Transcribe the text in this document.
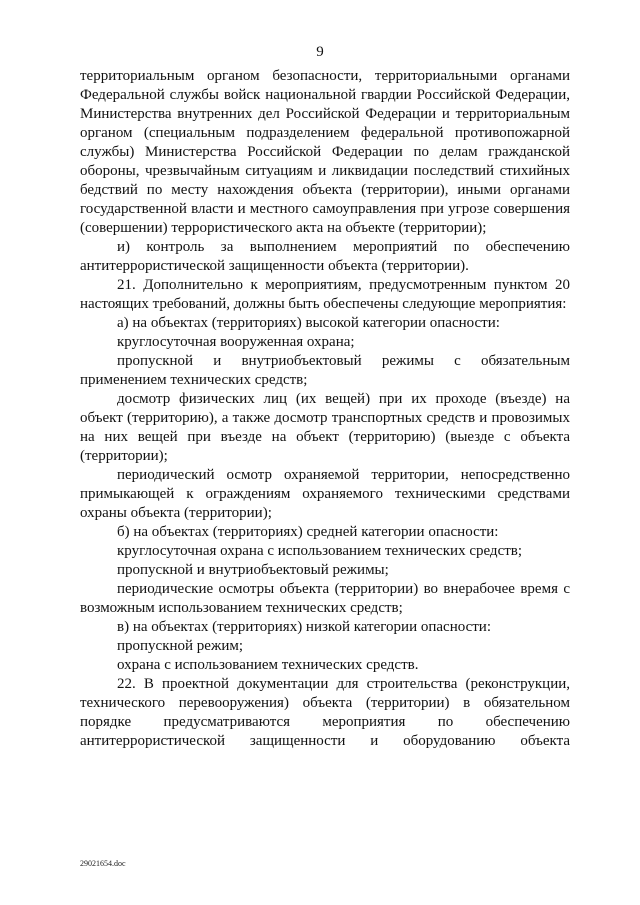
9

территориальным органом безопасности, территориальными органами Федеральной службы войск национальной гвардии Российской Федерации, Министерства внутренних дел Российской Федерации и территориальным органом (специальным подразделением федеральной противопожарной службы) Министерства Российской Федерации по делам гражданской обороны, чрезвычайным ситуациям и ликвидации последствий стихийных бедствий по месту нахождения объекта (территории), иными органами государственной власти и местного самоуправления при угрозе совершения (совершении) террористического акта на объекте (территории);

и) контроль за выполнением мероприятий по обеспечению антитеррористической защищенности объекта (территории).

21. Дополнительно к мероприятиям, предусмотренным пунктом 20 настоящих требований, должны быть обеспечены следующие мероприятия:

а) на объектах (территориях) высокой категории опасности:

круглосуточная вооруженная охрана;

пропускной и внутриобъектовый режимы с обязательным применением технических средств;

досмотр физических лиц (их вещей) при их проходе (въезде) на объект (территорию), а также досмотр транспортных средств и провозимых на них вещей при въезде на объект (территорию) (выезде с объекта (территории);

периодический осмотр охраняемой территории, непосредственно примыкающей к ограждениям охраняемого техническими средствами охраны объекта (территории);

б) на объектах (территориях) средней категории опасности:

круглосуточная охрана с использованием технических средств;

пропускной и внутриобъектовый режимы;

периодические осмотры объекта (территории) во внерабочее время с возможным использованием технических средств;

в) на объектах (территориях) низкой категории опасности:

пропускной режим;

охрана с использованием технических средств.

22. В проектной документации для строительства (реконструкции, технического перевооружения) объекта (территории) в обязательном порядке предусматриваются мероприятия по обеспечению антитеррористической защищенности и оборудованию объекта

29021654.doc
